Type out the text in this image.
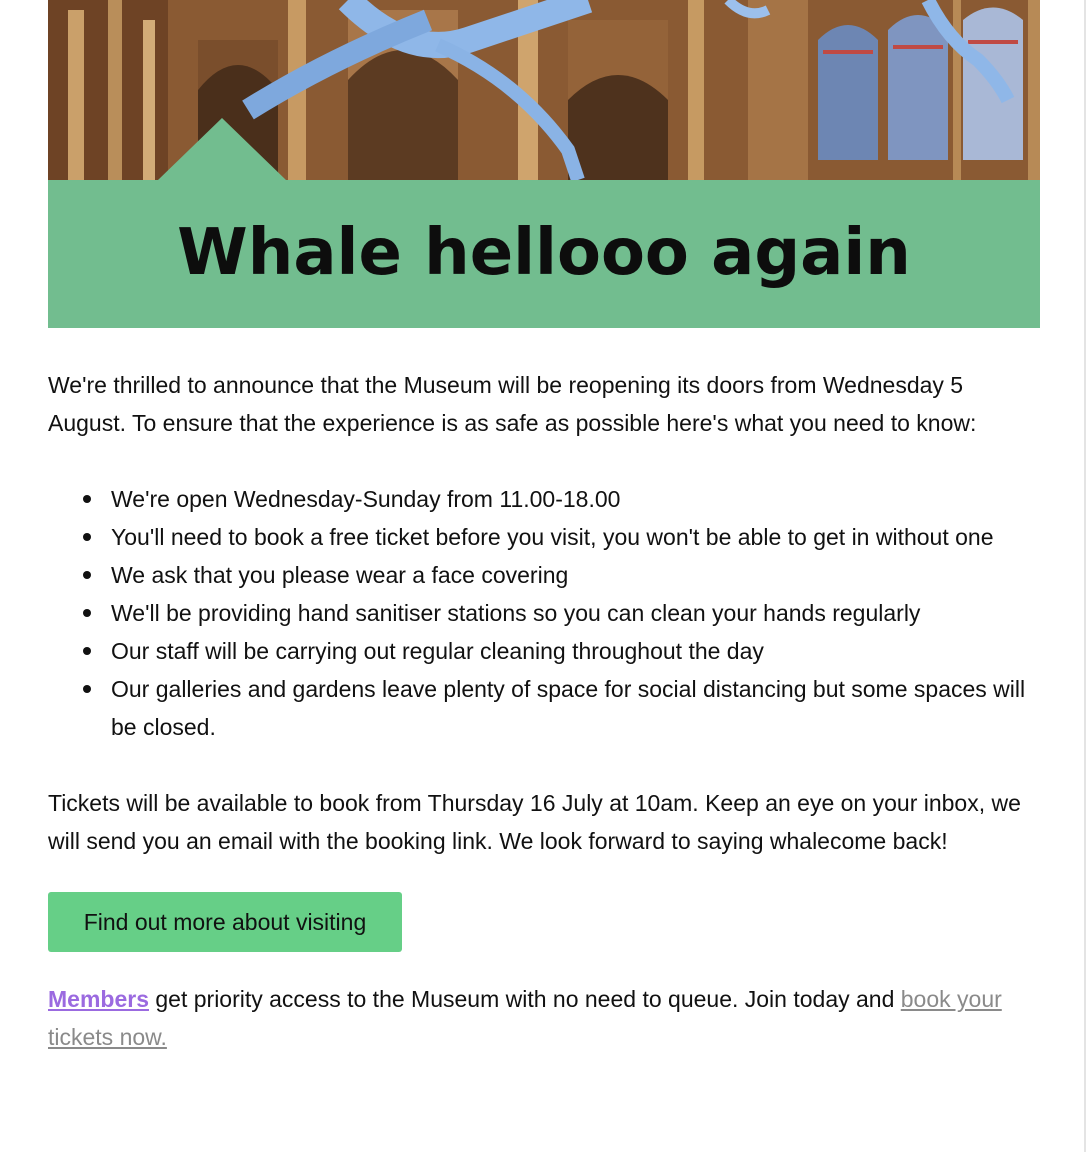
Whale hellooo again

We're thrilled to announce that the Museum will be reopening its doors from Wednesday 5 August. To ensure that the experience is as safe as possible here's what you need to know:

We're open Wednesday-Sunday from 11.00-18.00
You'll need to book a free ticket before you visit, you won't be able to get in without one
We ask that you please wear a face covering
We'll be providing hand sanitiser stations so you can clean your hands regularly
Our staff will be carrying out regular cleaning throughout the day
Our galleries and gardens leave plenty of space for social distancing but some spaces will be closed.

Tickets will be available to book from Thursday 16 July at 10am. Keep an eye on your inbox, we will send you an email with the booking link. We look forward to saying whalecome back!

Find out more about visiting

Members get priority access to the Museum with no need to queue. Join today and book your tickets now.
